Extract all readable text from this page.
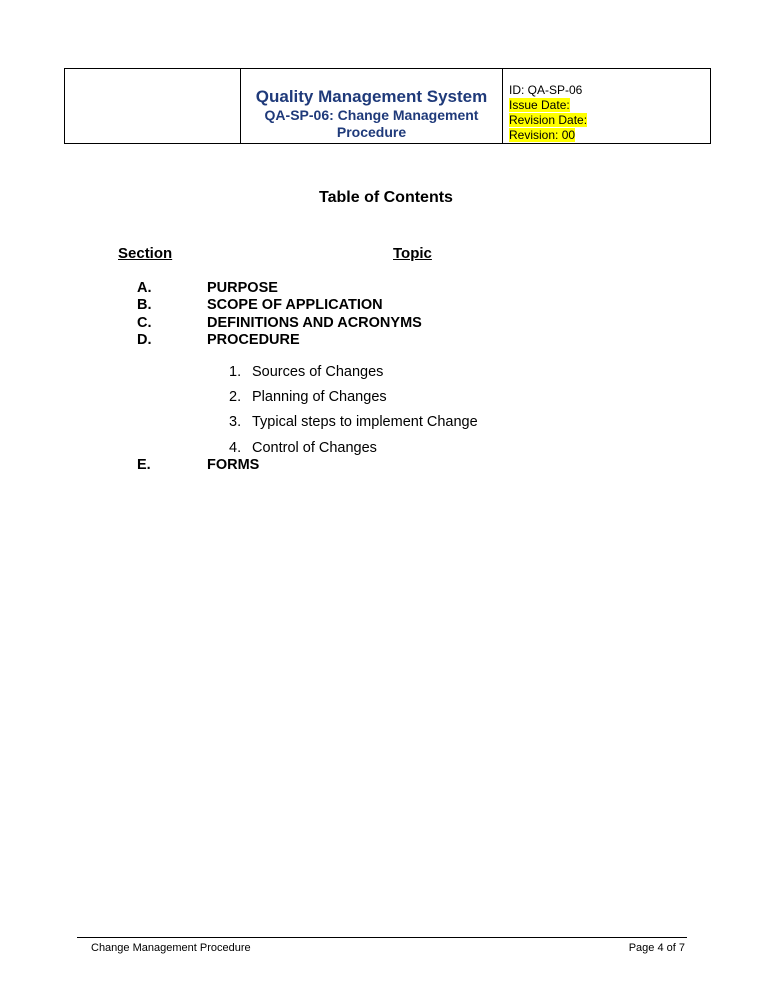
Quality Management System
QA-SP-06: Change Management
Procedure
ID: QA-SP-06
Issue Date:
Revision Date:
Revision: 00
Table of Contents
Section	Topic
A.	PURPOSE
B.	SCOPE OF APPLICATION
C.	DEFINITIONS AND ACRONYMS
D.	PROCEDURE
1. Sources of Changes
2. Planning of Changes
3. Typical steps to implement Change
4. Control of Changes
E.	FORMS
Change Management Procedure	Page 4 of 7
